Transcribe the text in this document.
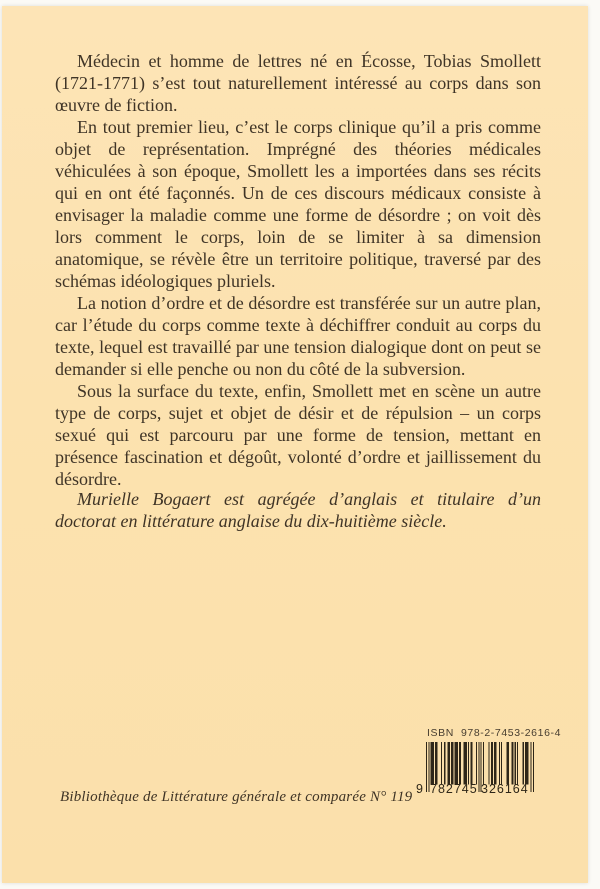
Médecin et homme de lettres né en Écosse, Tobias Smollett (1721-1771) s’est tout naturellement intéressé au corps dans son œuvre de fiction.

En tout premier lieu, c’est le corps clinique qu’il a pris comme objet de représentation. Imprégné des théories médicales véhiculées à son époque, Smollett les a importées dans ses récits qui en ont été façonnés. Un de ces discours médicaux consiste à envisager la maladie comme une forme de désordre ; on voit dès lors comment le corps, loin de se limiter à sa dimension anatomique, se révèle être un territoire politique, traversé par des schémas idéologiques pluriels.

La notion d’ordre et de désordre est transférée sur un autre plan, car l’étude du corps comme texte à déchiffrer conduit au corps du texte, lequel est travaillé par une tension dialogique dont on peut se demander si elle penche ou non du côté de la subversion.

Sous la surface du texte, enfin, Smollett met en scène un autre type de corps, sujet et objet de désir et de répulsion – un corps sexué qui est parcouru par une forme de tension, mettant en présence fascination et dégoût, volonté d’ordre et jaillissement du désordre.

Murielle Bogaert est agrégée d’anglais et titulaire d’un doctorat en littérature anglaise du dix-huitième siècle.
Bibliothèque de Littérature générale et comparée N° 119
ISBN  978-2-7453-2616-4
9 782745 326164
